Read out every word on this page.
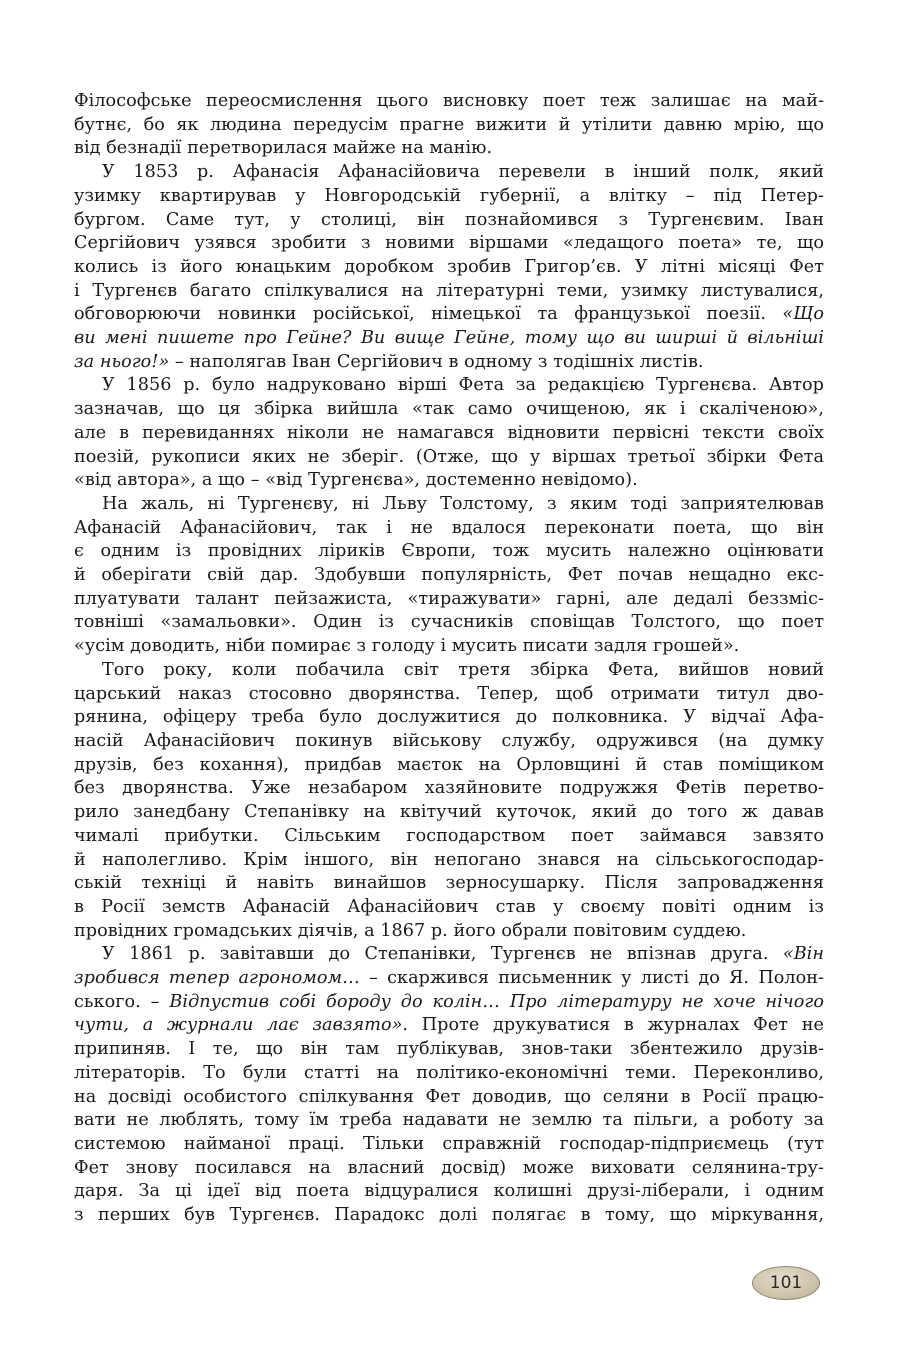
Філософське переосмислення цього висновку поет теж залишає на май-
бутнє, бо як людина передусім прагне вижити й утілити давню мрію, що
від безнадії перетворилася майже на манію.

У 1853 р. Афанасія Афанасійовича перевели в інший полк, який
узимку квартирував у Новгородській губернії, а влітку – під Петер-
бургом. Саме тут, у столиці, він познайомився з Тургенєвим. Іван
Сергійович узявся зробити з новими віршами «ледащого поета» те, що
колись із його юнацьким доробком зробив Григор’єв. У літні місяці Фет
і Тургенєв багато спілкувалися на літературні теми, узимку листувалися,
обговорюючи новинки російської, німецької та французької поезії. «Що
ви мені пишете про Гейне? Ви вище Гейне, тому що ви ширші й вільніші
за нього!» – наполягав Іван Сергійович в одному з тодішніх листів.

У 1856 р. було надруковано вірші Фета за редакцією Тургенєва. Автор
зазначав, що ця збірка вийшла «так само очищеною, як і скаліченою»,
але в перевиданнях ніколи не намагався відновити первісні тексти своїх
поезій, рукописи яких не зберіг. (Отже, що у віршах третьої збірки Фета
«від автора», а що – «від Тургенєва», достеменно невідомо).

На жаль, ні Тургенєву, ні Льву Толстому, з яким тоді заприятелював
Афанасій Афанасійович, так і не вдалося переконати поета, що він
є одним із провідних ліриків Європи, тож мусить належно оцінювати
й оберігати свій дар. Здобувши популярність, Фет почав нещадно екс-
плуатувати талант пейзажиста, «тиражувати» гарні, але дедалі беззміс-
товніші «замальовки». Один із сучасників сповіщав Толстого, що поет
«усім доводить, ніби помирає з голоду і мусить писати задля грошей».

Того року, коли побачила світ третя збірка Фета, вийшов новий
царський наказ стосовно дворянства. Тепер, щоб отримати титул дво-
рянина, офіцеру треба було дослужитися до полковника. У відчаї Афа-
насій Афанасійович покинув військову службу, одружився (на думку
друзів, без кохання), придбав маєток на Орловщині й став поміщиком
без дворянства. Уже незабаром хазяйновите подружжя Фетів перетво-
рило занедбану Степанівку на квітучий куточок, який до того ж давав
чималі прибутки. Сільським господарством поет займався завзято
й наполегливо. Крім іншого, він непогано знався на сільськогосподар-
ській техніці й навіть винайшов зерносушарку. Після запровадження
в Росії земств Афанасій Афанасійович став у своєму повіті одним із
провідних громадських діячів, а 1867 р. його обрали повітовим суддею.

У 1861 р. завітавши до Степанівки, Тургенєв не впізнав друга. «Він
зробився тепер агрономом… – скаржився письменник у листі до Я. Полон-
ського. – Відпустив собі бороду до колін… Про літературу не хоче нічого
чути, а журнали лає завзято». Проте друкуватися в журналах Фет не
припиняв. І те, що він там публікував, знов-таки збентежило друзів-
літераторів. То були статті на політико-економічні теми. Переконливо,
на досвіді особистого спілкування Фет доводив, що селяни в Росії працю-
вати не люблять, тому їм треба надавати не землю та пільги, а роботу за
системою найманої праці. Тільки справжній господар-підприємець (тут
Фет знову посилався на власний досвід) може виховати селянина-тру-
даря. За ці ідеї від поета відцуралися колишні друзі-ліберали, і одним
з перших був Тургенєв. Парадокс долі полягає в тому, що міркування,

101
